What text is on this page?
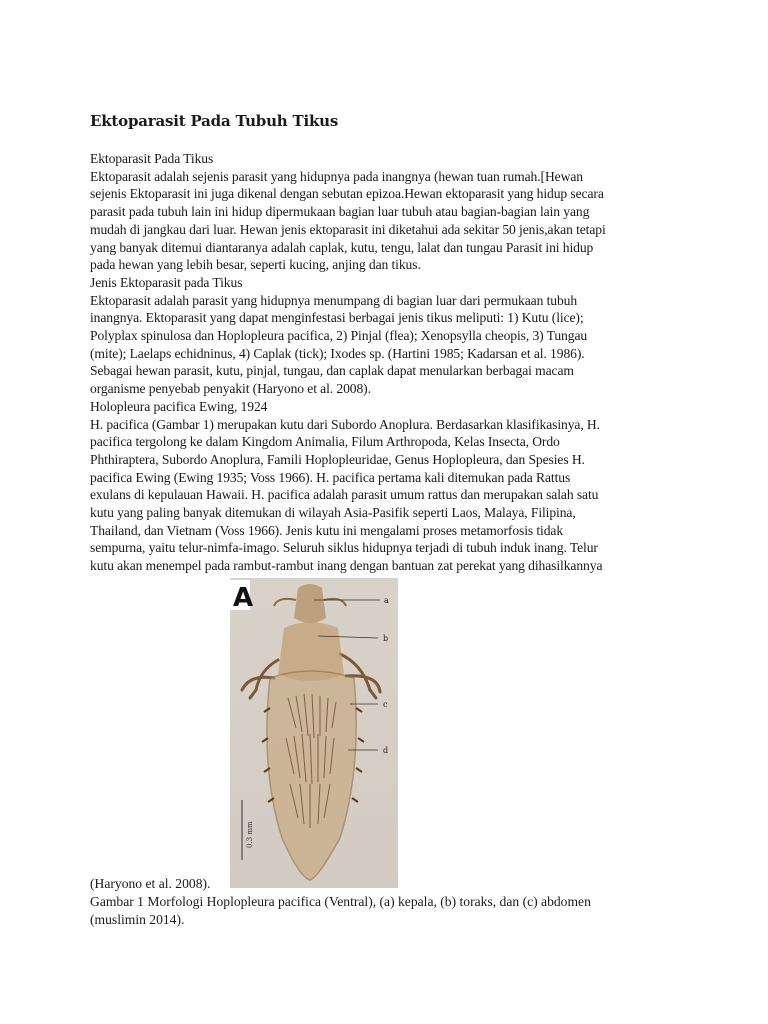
Ektoparasit Pada Tubuh Tikus
Ektoparasit Pada Tikus
Ektoparasit adalah sejenis parasit yang hidupnya pada inangnya (hewan tuan rumah.[Hewan
sejenis Ektoparasit ini juga dikenal dengan sebutan epizoa.Hewan ektoparasit yang hidup secara
parasit pada tubuh lain ini hidup dipermukaan bagian luar tubuh atau bagian-bagian lain yang
mudah di jangkau dari luar. Hewan jenis ektoparasit ini diketahui ada sekitar 50 jenis,akan tetapi
yang banyak ditemui diantaranya adalah caplak, kutu, tengu, lalat dan tungau Parasit ini hidup
pada hewan yang lebih besar, seperti kucing, anjing dan tikus.
Jenis Ektoparasit pada Tikus
Ektoparasit adalah parasit yang hidupnya menumpang di bagian luar dari permukaan tubuh
inangnya. Ektoparasit yang dapat menginfestasi berbagai jenis tikus meliputi: 1) Kutu (lice);
Polyplax spinulosa dan Hoplopleura pacifica, 2) Pinjal (flea); Xenopsylla cheopis, 3) Tungau
(mite); Laelaps echidninus, 4) Caplak (tick); Ixodes sp. (Hartini 1985; Kadarsan et al. 1986).
Sebagai hewan parasit, kutu, pinjal, tungau, dan caplak dapat menularkan berbagai macam
organisme penyebab penyakit (Haryono et al. 2008).
Holopleura pacifica Ewing, 1924
H. pacifica (Gambar 1) merupakan kutu dari Subordo Anoplura. Berdasarkan klasifikasinya, H.
pacifica tergolong ke dalam Kingdom Animalia, Filum Arthropoda, Kelas Insecta, Ordo
Phthiraptera, Subordo Anoplura, Famili Hoplopleuridae, Genus Hoplopleura, dan Spesies H.
pacifica Ewing (Ewing 1935; Voss 1966). H. pacifica pertama kali ditemukan pada Rattus
exulans di kepulauan Hawaii. H. pacifica adalah parasit umum rattus dan merupakan salah satu
kutu yang paling banyak ditemukan di wilayah Asia-Pasifik seperti Laos, Malaya, Filipina,
Thailand, dan Vietnam (Voss 1966). Jenis kutu ini mengalami proses metamorfosis tidak
sempurna, yaitu telur-nimfa-imago. Seluruh siklus hidupnya terjadi di tubuh induk inang. Telur
kutu akan menempel pada rambut-rambut inang dengan bantuan zat perekat yang dihasilkannya
A	a
b
c
d
0.3 mm
(Haryono et al. 2008).
Gambar 1 Morfologi Hoplopleura pacifica (Ventral), (a) kepala, (b) toraks, dan (c) abdomen
(muslimin 2014).
